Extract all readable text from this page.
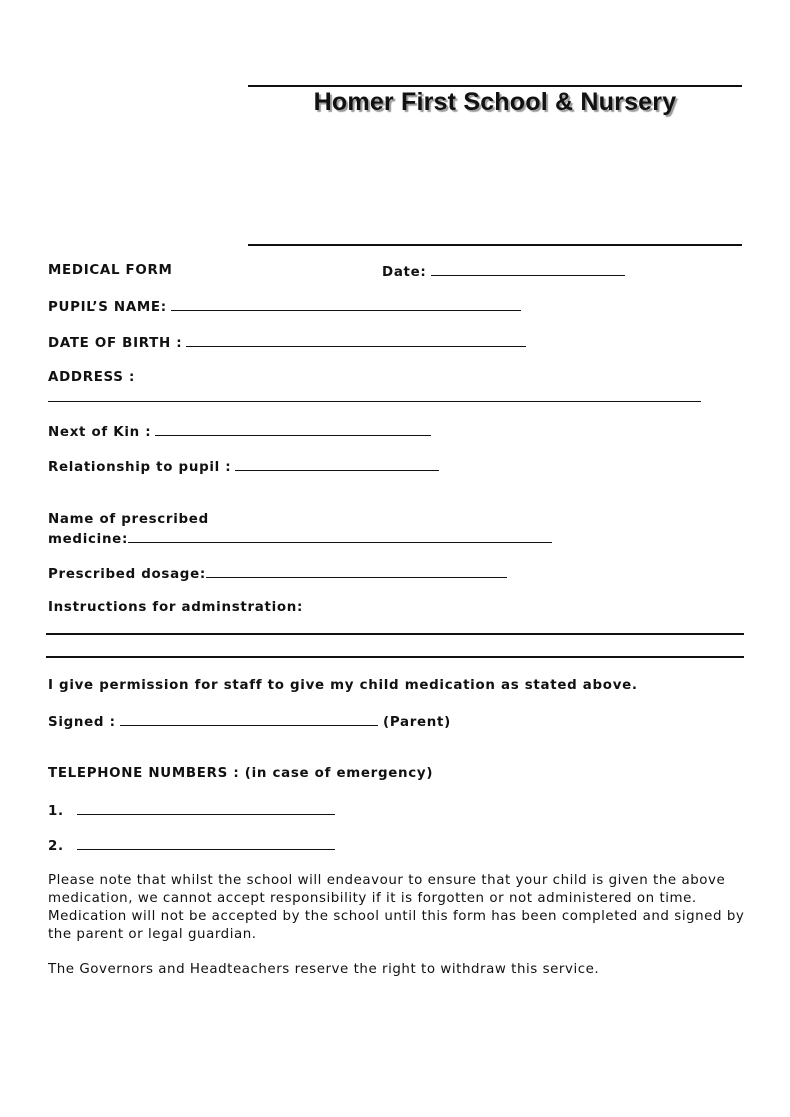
Homer First School & Nursery
MEDICAL FORM	Date:
PUPIL’S NAME:
DATE OF BIRTH :
ADDRESS :
Next of Kin :
Relationship to pupil :
Name of prescribed
medicine:
Prescribed dosage:
Instructions for adminstration:
I give permission for staff to give my child medication as stated above.
Signed :	(Parent)
TELEPHONE NUMBERS : (in case of emergency)
1.
2.
Please note that whilst the school will endeavour to ensure that your child is given the above medication, we cannot accept responsibility if it is forgotten or not administered on time. Medication will not be accepted by the school until this form has been completed and signed by the parent or legal guardian.
The Governors and Headteachers reserve the right to withdraw this service.
